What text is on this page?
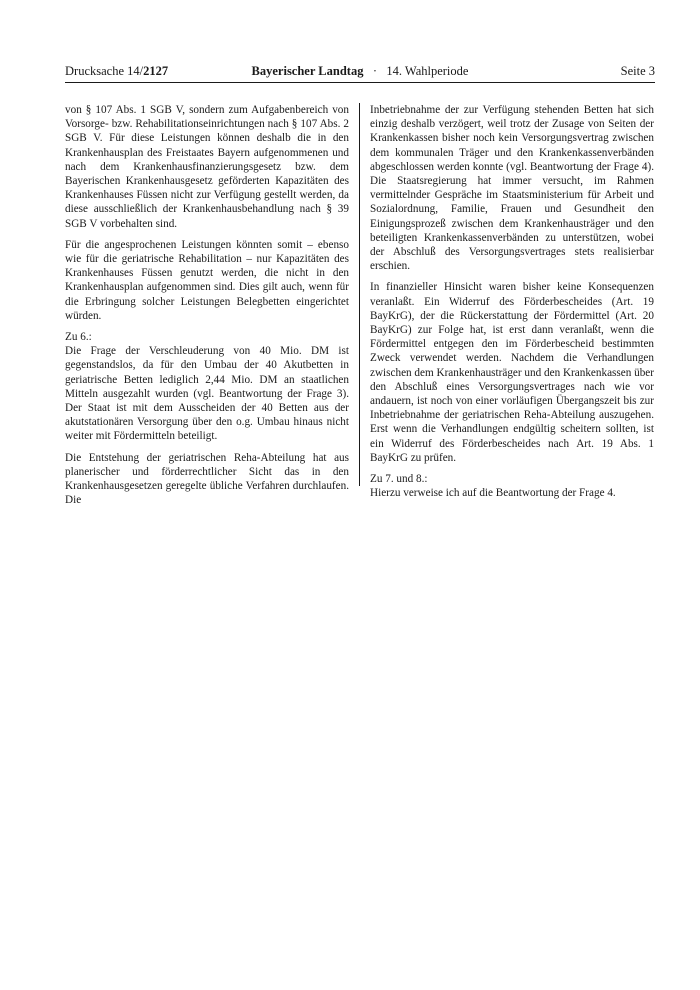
Drucksache 14/2127	Bayerischer Landtag · 14. Wahlperiode	Seite 3

von § 107 Abs. 1 SGB V, sondern zum Aufgabenbereich von Vorsorge- bzw. Rehabilitationseinrichtungen nach § 107 Abs. 2 SGB V. Für diese Leistungen können deshalb die in den Krankenhausplan des Freistaates Bayern aufgenommenen und nach dem Krankenhausfinanzierungsgesetz bzw. dem Bayerischen Krankenhausgesetz geförderten Kapazitäten des Krankenhauses Füssen nicht zur Verfügung gestellt werden, da diese ausschließlich der Krankenhausbehandlung nach § 39 SGB V vorbehalten sind.

Für die angesprochenen Leistungen könnten somit – ebenso wie für die geriatrische Rehabilitation – nur Kapazitäten des Krankenhauses Füssen genutzt werden, die nicht in den Krankenhausplan aufgenommen sind. Dies gilt auch, wenn für die Erbringung solcher Leistungen Belegbetten eingerichtet würden.

Zu 6.:

Die Frage der Verschleuderung von 40 Mio. DM ist gegenstandslos, da für den Umbau der 40 Akutbetten in geriatrische Betten lediglich 2,44 Mio. DM an staatlichen Mitteln ausgezahlt wurden (vgl. Beantwortung der Frage 3). Der Staat ist mit dem Ausscheiden der 40 Betten aus der akutstationären Versorgung über den o.g. Umbau hinaus nicht weiter mit Fördermitteln beteiligt.

Die Entstehung der geriatrischen Reha-Abteilung hat aus planerischer und förderrechtlicher Sicht das in den Krankenhausgesetzen geregelte übliche Verfahren durchlaufen. Die

Inbetriebnahme der zur Verfügung stehenden Betten hat sich einzig deshalb verzögert, weil trotz der Zusage von Seiten der Krankenkassen bisher noch kein Versorgungsvertrag zwischen dem kommunalen Träger und den Krankenkassenverbänden abgeschlossen werden konnte (vgl. Beantwortung der Frage 4). Die Staatsregierung hat immer versucht, im Rahmen vermittelnder Gespräche im Staatsministerium für Arbeit und Sozialordnung, Familie, Frauen und Gesundheit den Einigungsprozeß zwischen dem Krankenhausträger und den beteiligten Krankenkassenverbänden zu unterstützen, wobei der Abschluß des Versorgungsvertrages stets realisierbar erschien.

In finanzieller Hinsicht waren bisher keine Konsequenzen veranlaßt. Ein Widerruf des Förderbescheides (Art. 19 BayKrG), der die Rückerstattung der Fördermittel (Art. 20 BayKrG) zur Folge hat, ist erst dann veranlaßt, wenn die Fördermittel entgegen den im Förderbescheid bestimmten Zweck verwendet werden. Nachdem die Verhandlungen zwischen dem Krankenhausträger und den Krankenkassen über den Abschluß eines Versorgungsvertrages nach wie vor andauern, ist noch von einer vorläufigen Übergangszeit bis zur Inbetriebnahme der geriatrischen Reha-Abteilung auszugehen. Erst wenn die Verhandlungen endgültig scheitern sollten, ist ein Widerruf des Förderbescheides nach Art. 19 Abs. 1 BayKrG zu prüfen.

Zu 7. und 8.:

Hierzu verweise ich auf die Beantwortung der Frage 4.
